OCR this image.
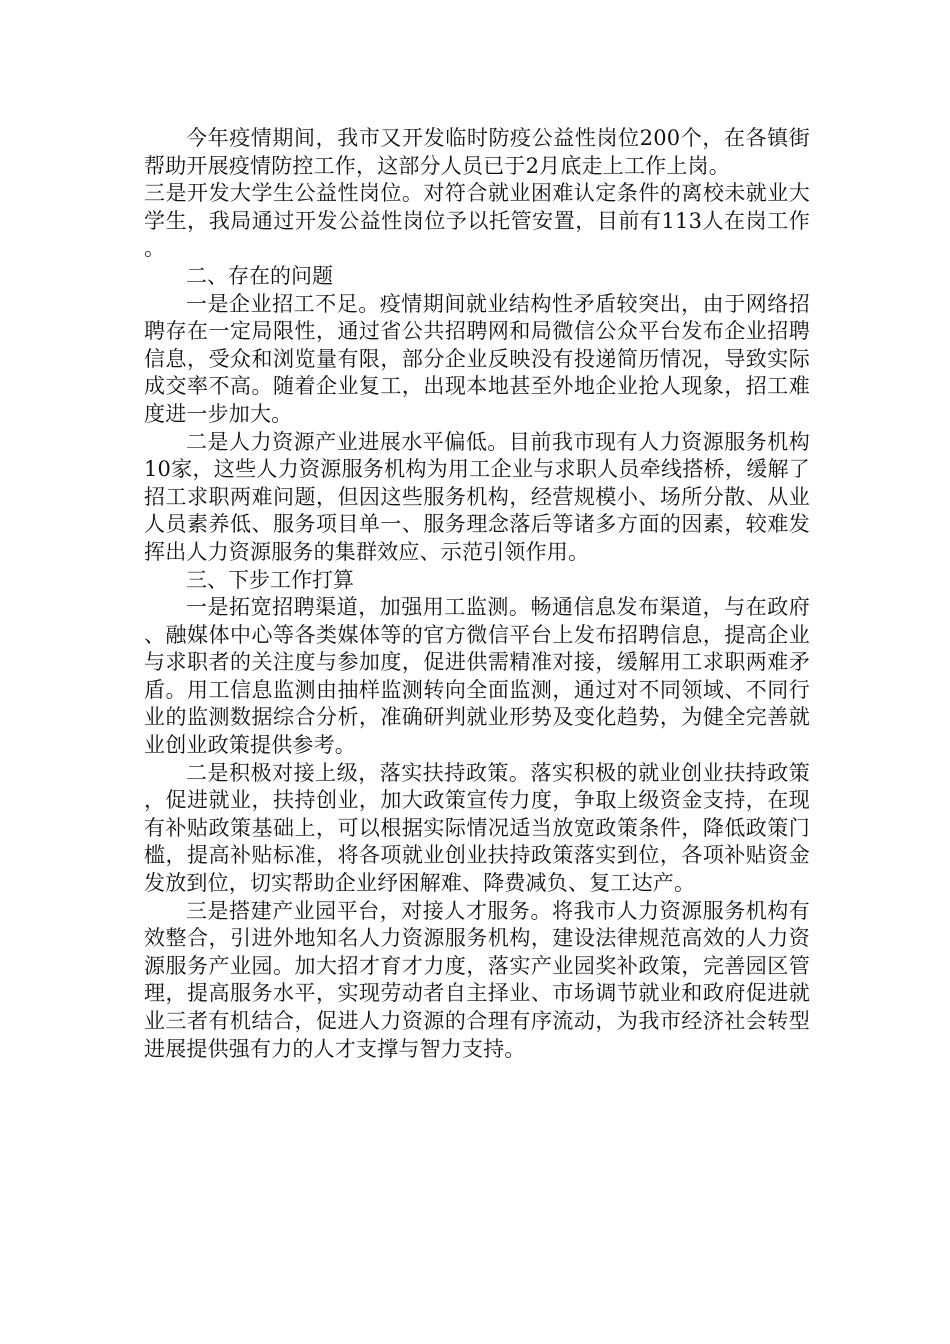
今年疫情期间，我市又开发临时防疫公益性岗位200个，在各镇街帮助开展疫情防控工作，这部分人员已于2月底走上工作上岗。

三是开发大学生公益性岗位。对符合就业困难认定条件的离校未就业大学生，我局通过开发公益性岗位予以托管安置，目前有113人在岗工作。

二、存在的问题

一是企业招工不足。疫情期间就业结构性矛盾较突出，由于网络招聘存在一定局限性，通过省公共招聘网和局微信公众平台发布企业招聘信息，受众和浏览量有限，部分企业反映没有投递简历情况，导致实际成交率不高。随着企业复工，出现本地甚至外地企业抢人现象，招工难度进一步加大。

二是人力资源产业进展水平偏低。目前我市现有人力资源服务机构10家，这些人力资源服务机构为用工企业与求职人员牵线搭桥，缓解了招工求职两难问题，但因这些服务机构，经营规模小、场所分散、从业人员素养低、服务项目单一、服务理念落后等诸多方面的因素，较难发挥出人力资源服务的集群效应、示范引领作用。

三、下步工作打算

一是拓宽招聘渠道，加强用工监测。畅通信息发布渠道，与在政府、融媒体中心等各类媒体等的官方微信平台上发布招聘信息，提高企业与求职者的关注度与参加度，促进供需精准对接，缓解用工求职两难矛盾。用工信息监测由抽样监测转向全面监测，通过对不同领域、不同行业的监测数据综合分析，准确研判就业形势及变化趋势，为健全完善就业创业政策提供参考。

二是积极对接上级，落实扶持政策。落实积极的就业创业扶持政策，促进就业，扶持创业，加大政策宣传力度，争取上级资金支持，在现有补贴政策基础上，可以根据实际情况适当放宽政策条件，降低政策门槛，提高补贴标准，将各项就业创业扶持政策落实到位，各项补贴资金发放到位，切实帮助企业纾困解难、降费减负、复工达产。

三是搭建产业园平台，对接人才服务。将我市人力资源服务机构有效整合，引进外地知名人力资源服务机构，建设法律规范高效的人力资源服务产业园。加大招才育才力度，落实产业园奖补政策，完善园区管理，提高服务水平，实现劳动者自主择业、市场调节就业和政府促进就业三者有机结合，促进人力资源的合理有序流动，为我市经济社会转型进展提供强有力的人才支撑与智力支持。
